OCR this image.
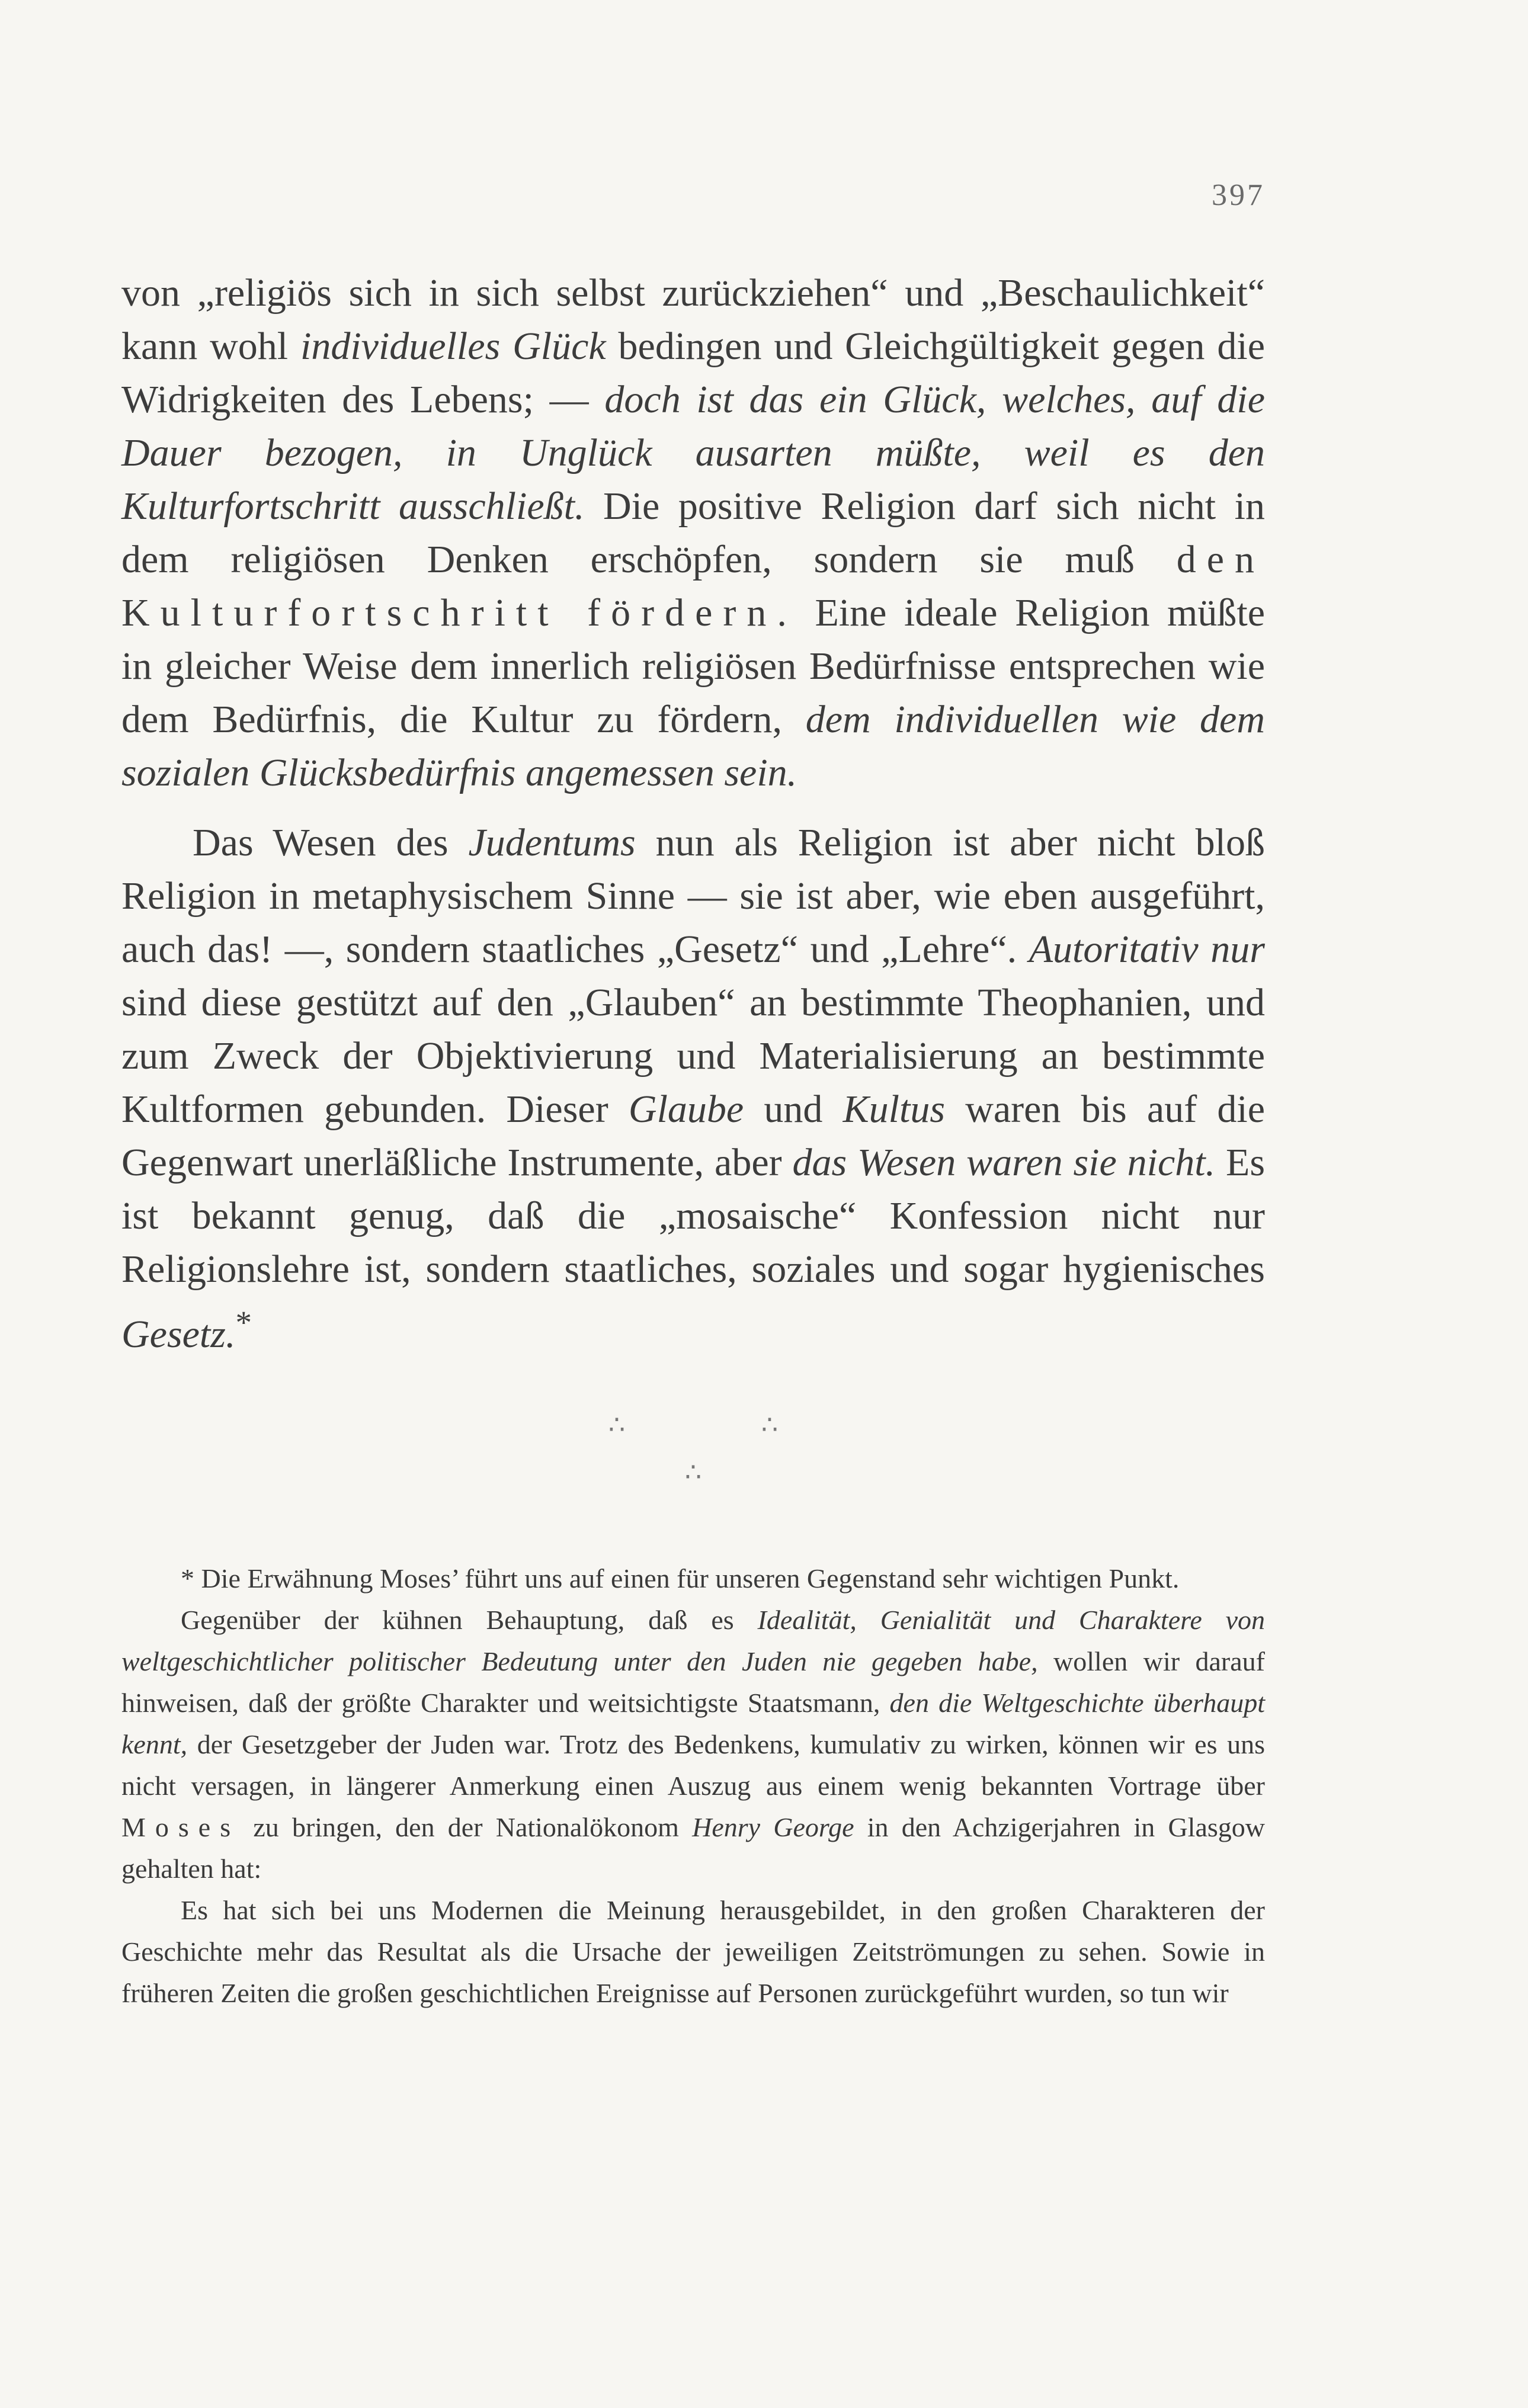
397

von „religiös sich in sich selbst zurückziehen“ und „Beschaulichkeit“ kann wohl individuelles Glück bedingen und Gleichgültigkeit gegen die Widrigkeiten des Lebens; — doch ist das ein Glück, welches, auf die Dauer bezogen, in Unglück ausarten müßte, weil es den Kulturfortschritt ausschließt. Die positive Religion darf sich nicht in dem religiösen Denken erschöpfen, sondern sie muß den Kulturfortschritt fördern. Eine ideale Religion müßte in gleicher Weise dem innerlich religiösen Bedürfnisse entsprechen wie dem Bedürfnis, die Kultur zu fördern, dem individuellen wie dem sozialen Glücksbedürfnis angemessen sein.

Das Wesen des Judentums nun als Religion ist aber nicht bloß Religion in metaphysischem Sinne — sie ist aber, wie eben ausgeführt, auch das! —, sondern staatliches „Gesetz“ und „Lehre“. Autoritativ nur sind diese gestützt auf den „Glauben“ an bestimmte Theophanien, und zum Zweck der Objektivierung und Materialisierung an bestimmte Kultformen gebunden. Dieser Glaube und Kultus waren bis auf die Gegenwart unerläßliche Instrumente, aber das Wesen waren sie nicht. Es ist bekannt genug, daß die „mosaische“ Konfession nicht nur Religionslehre ist, sondern staatliches, soziales und sogar hygienisches Gesetz.*

∴	∴
∴

* Die Erwähnung Moses’ führt uns auf einen für unseren Gegenstand sehr wichtigen Punkt.

Gegenüber der kühnen Behauptung, daß es Idealität, Genialität und Charaktere von weltgeschichtlicher politischer Bedeutung unter den Juden nie gegeben habe, wollen wir darauf hinweisen, daß der größte Charakter und weitsichtigste Staatsmann, den die Weltgeschichte überhaupt kennt, der Gesetzgeber der Juden war. Trotz des Bedenkens, kumulativ zu wirken, können wir es uns nicht versagen, in längerer Anmerkung einen Auszug aus einem wenig bekannten Vortrage über Moses zu bringen, den der Nationalökonom Henry George in den Achzigerjahren in Glasgow gehalten hat:

Es hat sich bei uns Modernen die Meinung herausgebildet, in den großen Charakteren der Geschichte mehr das Resultat als die Ursache der jeweiligen Zeitströmungen zu sehen. Sowie in früheren Zeiten die großen geschichtlichen Ereignisse auf Personen zurückgeführt wurden, so tun wir
